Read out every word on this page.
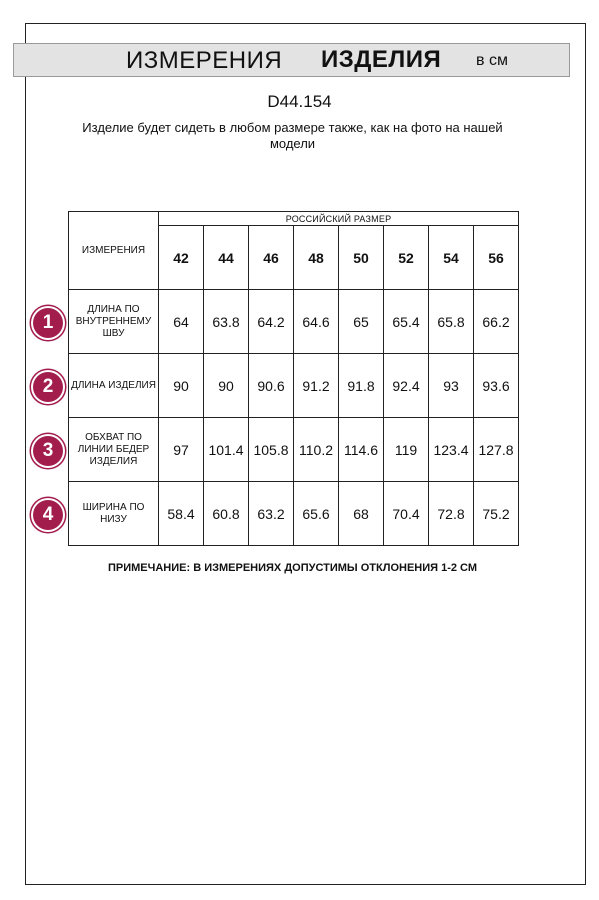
ИЗМЕРЕНИЯ ИЗДЕЛИЯ в см
D44.154
Изделие будет сидеть в любом размере также, как на фото на нашей модели
ИЗМЕРЕНИЯ	РОССИЙСКИЙ РАЗМЕР							
	42	44	46	48	50	52	54	56
ДЛИНА ПО ВНУТРЕННЕМУ ШВУ	64	63.8	64.2	64.6	65	65.4	65.8	66.2
ДЛИНА ИЗДЕЛИЯ	90	90	90.6	91.2	91.8	92.4	93	93.6
ОБХВАТ ПО ЛИНИИ БЕДЕР ИЗДЕЛИЯ	97	101.4	105.8	110.2	114.6	119	123.4	127.8
ШИРИНА ПО НИЗУ	58.4	60.8	63.2	65.6	68	70.4	72.8	75.2
1
2
3
4
ПРИМЕЧАНИЕ: В ИЗМЕРЕНИЯХ ДОПУСТИМЫ ОТКЛОНЕНИЯ 1-2 СМ
